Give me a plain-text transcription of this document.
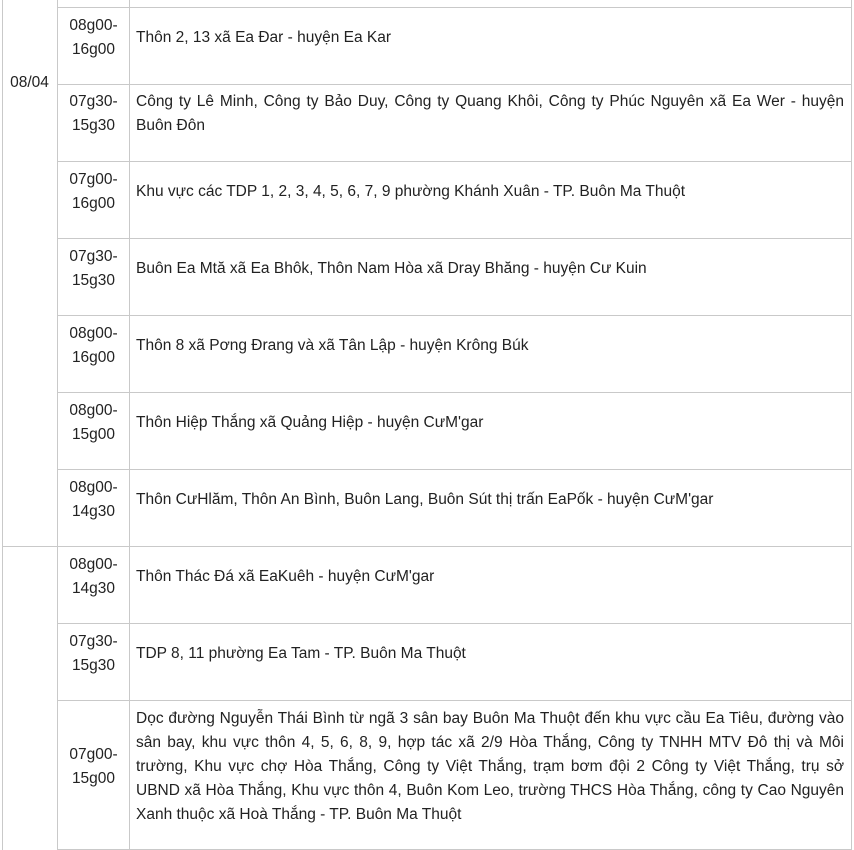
08/04
08g00-
16g00
Thôn 2, 13 xã Ea Đar - huyện Ea Kar
07g30-
15g30
Công ty Lê Minh, Công ty Bảo Duy, Công ty Quang Khôi, Công ty Phúc Nguyên xã Ea Wer - huyện Buôn Đôn
07g00-
16g00
Khu vực các TDP 1, 2, 3, 4, 5, 6, 7, 9 phường Khánh Xuân - TP. Buôn Ma Thuột
07g30-
15g30
Buôn Ea Mtă xã Ea Bhôk, Thôn Nam Hòa xã Dray Bhăng - huyện Cư Kuin
08g00-
16g00
Thôn 8 xã Pơng Đrang và xã Tân Lập - huyện Krông Búk
08g00-
15g00
Thôn Hiệp Thắng xã Quảng Hiệp - huyện CưM'gar
08g00-
14g30
Thôn CưHlăm, Thôn An Bình, Buôn Lang, Buôn Sút thị trấn EaPốk - huyện CưM'gar
08g00-
14g30
Thôn Thác Đá xã EaKuêh - huyện CưM'gar
07g30-
15g30
TDP 8, 11 phường Ea Tam - TP. Buôn Ma Thuột
07g00-
15g00
Dọc đường Nguyễn Thái Bình từ ngã 3 sân bay Buôn Ma Thuột đến khu vực cầu Ea Tiêu, đường vào sân bay, khu vực thôn 4, 5, 6, 8, 9, hợp tác xã 2/9 Hòa Thắng, Công ty TNHH MTV Đô thị và Môi trường, Khu vực chợ Hòa Thắng, Công ty Việt Thắng, trạm bơm đội 2 Công ty Việt Thắng, trụ sở UBND xã Hòa Thắng, Khu vực thôn 4, Buôn Kom Leo, trường THCS Hòa Thắng, công ty Cao Nguyên Xanh thuộc xã Hoà Thắng - TP. Buôn Ma Thuột
